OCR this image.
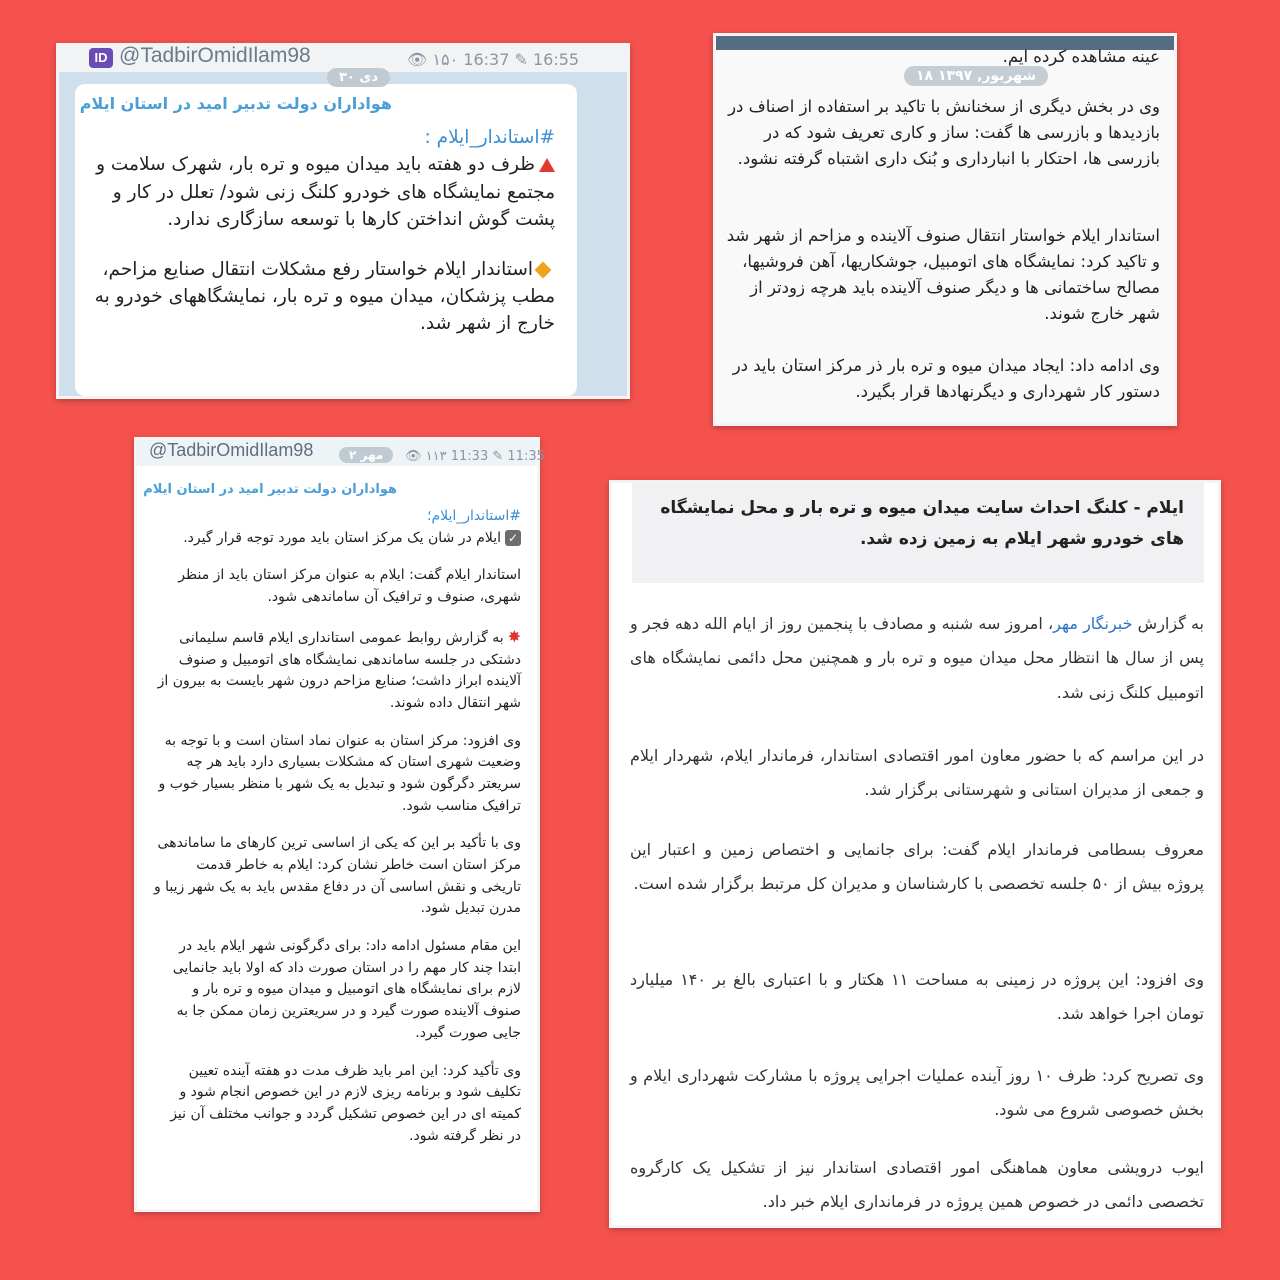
ID @TadbirOmidIlam98	👁 ۱۵۰ 16:37 ✎ 16:55
۳۰ دی
هواداران دولت تدبیر امید در استان ایلام
#استاندار_ایلام :
ظرف دو هفته باید میدان میوه و تره بار، شهرک سلامت و مجتمع نمایشگاه های خودرو کلنگ زنی شود/ تعلل در کار و پشت گوش انداختن کارها با توسعه سازگاری ندارد.
استاندار ایلام خواستار رفع مشکلات انتقال صنایع مزاحم، مطب پزشکان، میدان میوه و تره بار، نمایشگاههای خودرو به خارج از شهر شد.
عینه مشاهده کرده ایم.
۱۸ شهریور, ۱۳۹۷
وی در بخش دیگری از سخنانش با تاکید بر استفاده از اصناف در بازدیدها و بازرسی ها گفت: ساز و کاری تعریف شود که در بازرسی ها، احتکار با انبارداری و بُنک داری اشتباه گرفته نشود.
استاندار ایلام خواستار انتقال صنوف آلاینده و مزاحم از شهر شد و تاکید کرد: نمایشگاه های اتومبیل، جوشکاریها، آهن فروشیها، مصالح ساختمانی ها و دیگر صنوف آلاینده باید هرچه زودتر از شهر خارج شوند.
وی ادامه داد: ایجاد میدان میوه و تره بار ذر مرکز استان باید در دستور کار شهرداری و دیگرنهادها قرار بگیرد.
@TadbirOmidIlam98	۲ مهر	👁 ۱۱۳ 11:33 ✎ 11:35
هواداران دولت تدبیر امید در استان ایلام
#استاندار_ایلام؛
✓ایلام در شان یک مرکز استان باید مورد توجه قرار گیرد.
استاندار ایلام گفت: ایلام به عنوان مرکز استان باید از منظر شهری، صنوف و ترافیک آن ساماندهی شود.
✸به گزارش روابط عمومی استانداری ایلام قاسم سلیمانی دشتکی در جلسه ساماندهی نمایشگاه های اتومبیل و صنوف آلاینده ابراز داشت؛ صنایع مزاحم درون شهر بایست به بیرون از شهر انتقال داده شوند.
وی افزود: مرکز استان به عنوان نماد استان است و با توجه به وضعیت شهری استان که مشکلات بسیاری دارد باید هر چه سریعتر دگرگون شود و تبدیل به یک شهر با منظر بسیار خوب و ترافیک مناسب شود.
وی با تأکید بر این که یکی از اساسی ترین کارهای ما ساماندهی مرکز استان است خاطر نشان کرد: ایلام به خاطر قدمت تاریخی و نقش اساسی آن در دفاع مقدس باید به یک شهر زیبا و مدرن تبدیل شود.
این مقام مسئول ادامه داد: برای دگرگونی شهر ایلام باید در ابتدا چند کار مهم را در استان صورت داد که اولا باید جانمایی لازم برای نمایشگاه های اتومبیل و میدان میوه و تره بار و صنوف آلاینده صورت گیرد و در سریعترین زمان ممکن جا به جایی صورت گیرد.
وی تأکید کرد: این امر باید ظرف مدت دو هفته آینده تعیین تکلیف شود و برنامه ریزی لازم در این خصوص انجام شود و کمیته ای در این خصوص تشکیل گردد و جوانب مختلف آن نیز در نظر گرفته شود.
ایلام - کلنگ احداث سایت میدان میوه و تره بار و محل نمایشگاه های خودرو شهر ایلام به زمین زده شد.
به گزارش خبرنگار مهر، امروز سه شنبه و مصادف با پنجمین روز از ایام الله دهه فجر و پس از سال ها انتظار محل میدان میوه و تره بار و همچنین محل دائمی نمایشگاه های اتومبیل کلنگ زنی شد.
در این مراسم که با حضور معاون امور اقتصادی استاندار، فرماندار ایلام، شهردار ایلام و جمعی از مدیران استانی و شهرستانی برگزار شد.
معروف بسطامی فرماندار ایلام گفت: برای جانمایی و اختصاص زمین و اعتبار این پروژه بیش از ۵۰ جلسه تخصصی با کارشناسان و مدیران کل مرتبط برگزار شده است.
وی افزود: این پروژه در زمینی به مساحت ۱۱ هکتار و با اعتباری بالغ بر ۱۴۰ میلیارد تومان اجرا خواهد شد.
وی تصریح کرد: ظرف ۱۰ روز آینده عملیات اجرایی پروژه با مشارکت شهرداری ایلام و بخش خصوصی شروع می شود.
ایوب درویشی معاون هماهنگی امور اقتصادی استاندار نیز از تشکیل یک کارگروه تخصصی دائمی در خصوص همین پروژه در فرمانداری ایلام خبر داد.
